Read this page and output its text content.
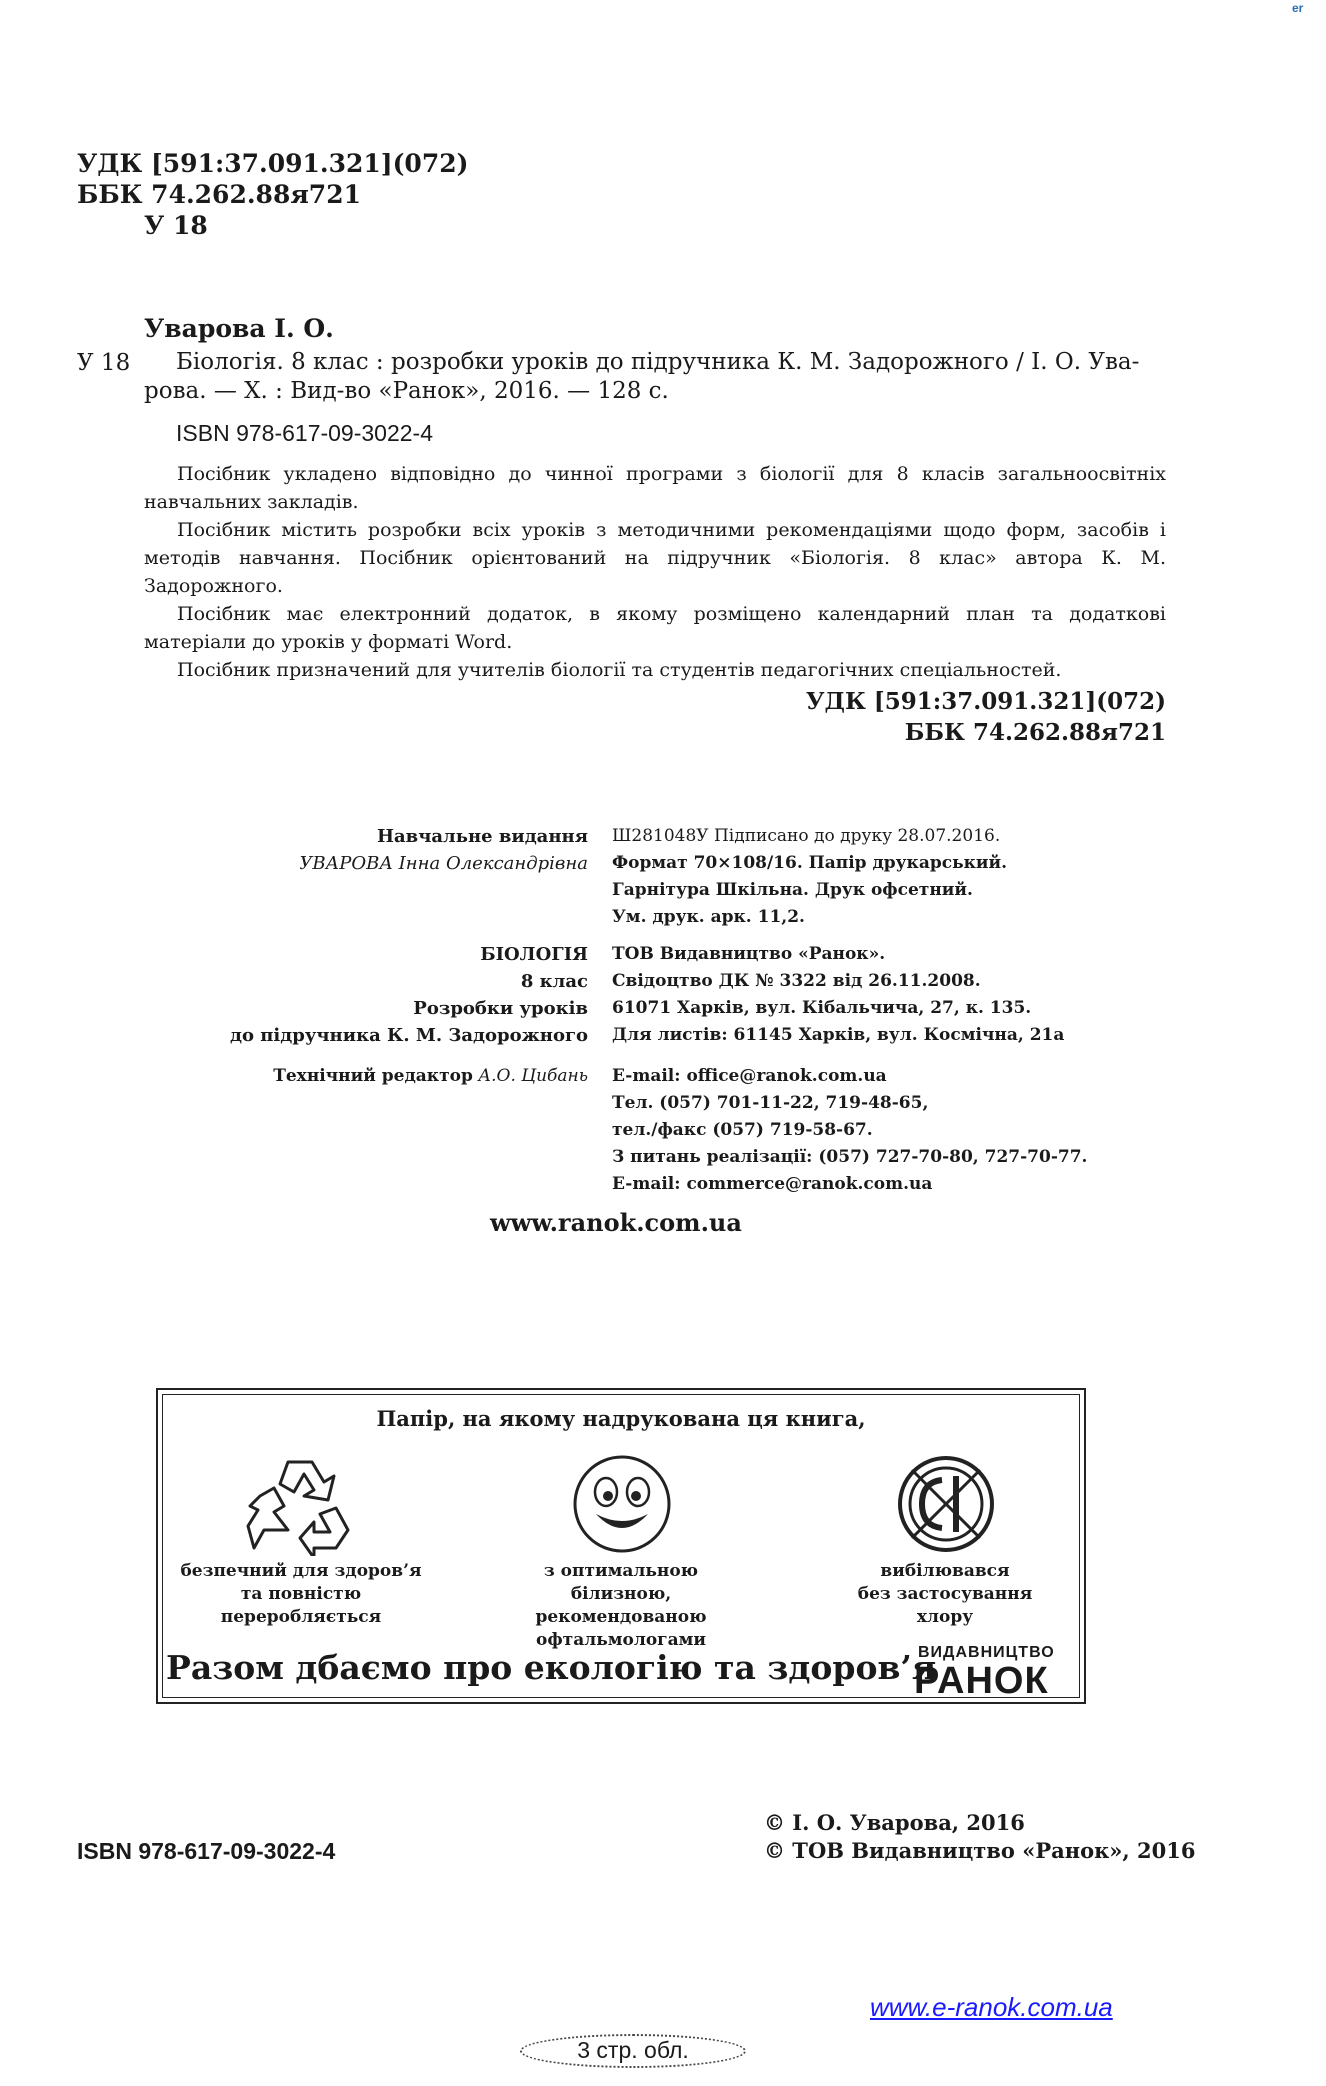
er
УДК [591:37.091.321](072)
ББК 74.262.88я721
У 18
Уварова І. О.
У 18 Біологія. 8 клас : розробки уроків до підручника К. М. Задорожного / І. О. Ува-
рова. — Х. : Вид-во «Ранок», 2016. — 128 с.
ISBN 978-617-09-3022-4

Посібник укладено відповідно до чинної програми з біології для 8 класів загальноосвітніх навчальних закладів.

Посібник містить розробки всіх уроків з методичними рекомендаціями щодо форм, засобів і методів навчання. Посібник орієнтований на підручник «Біологія. 8 клас» автора К. М. Задорожного.

Посібник має електронний додаток, в якому розміщено календарний план та додаткові матеріали до уроків у форматі Word.

Посібник призначений для учителів біології та студентів педагогічних спеціальностей.

УДК [591:37.091.321](072)
ББК 74.262.88я721
Навчальне видання
УВАРОВА Інна Олександрівна
БІОЛОГІЯ
8 клас
Розробки уроків
до підручника К. М. Задорожного
Технічний редактор А.О. Цибань
Ш281048У Підписано до друку 28.07.2016.
Формат 70×108/16. Папір друкарський.
Гарнітура Шкільна. Друк офсетний.
Ум. друк. арк. 11,2.
ТОВ Видавництво «Ранок».
Свідоцтво ДК № 3322 від 26.11.2008.
61071 Харків, вул. Кібальчича, 27, к. 135.
Для листів: 61145 Харків, вул. Космічна, 21а
E-mail: office@ranok.com.ua
Тел. (057) 701-11-22, 719-48-65,
тел./факс (057) 719-58-67.
З питань реалізації: (057) 727-70-80, 727-70-77.
E-mail: commerce@ranok.com.ua
www.ranok.com.ua
Папір, на якому надрукована ця книга,
безпечний для здоров’я
та повністю
переробляється
з оптимальною білизною,
рекомендованою
офтальмологами
вибілювався
без застосування
хлору
Разом дбаємо про екологію та здоров’я
ВИДАВНИЦТВО
РАНОК
© І. О. Уварова, 2016
© ТОВ Видавництво «Ранок», 2016
ISBN 978-617-09-3022-4
www.e-ranok.com.ua
3 стр. обл.
